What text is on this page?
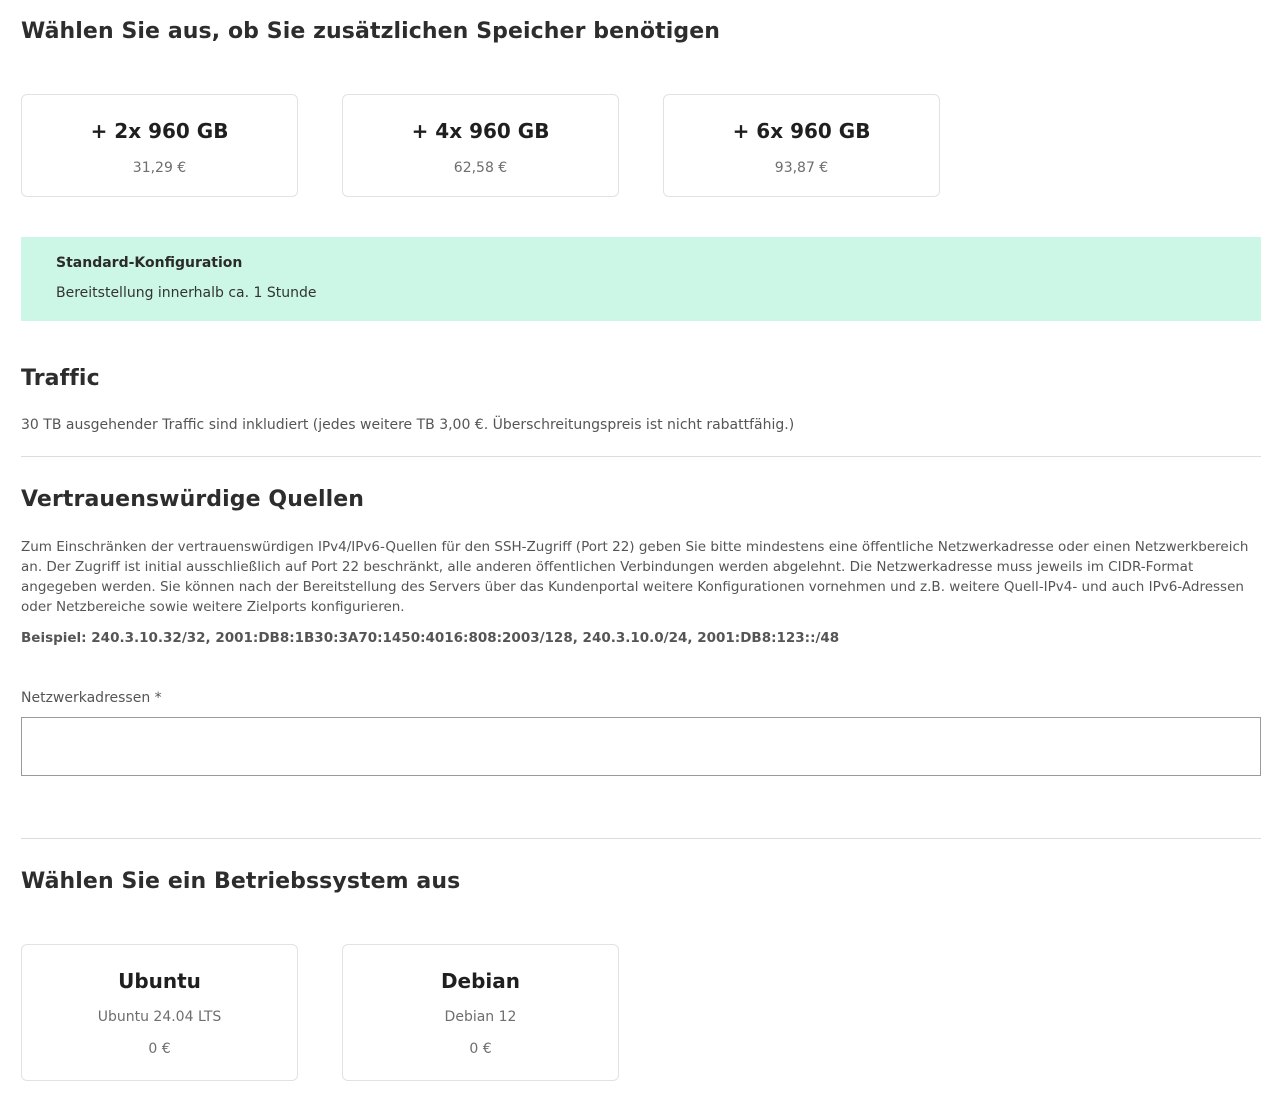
Wählen Sie aus, ob Sie zusätzlichen Speicher benötigen
+ 2x 960 GB
31,29 €
+ 4x 960 GB
62,58 €
+ 6x 960 GB
93,87 €
Standard-Konfiguration
Bereitstellung innerhalb ca. 1 Stunde
Traffic

30 TB ausgehender Traffic sind inkludiert (jedes weitere TB 3,00 €. Überschreitungspreis ist nicht rabattfähig.)

Vertrauenswürdige Quellen

Zum Einschränken der vertrauenswürdigen IPv4/IPv6-Quellen für den SSH-Zugriff (Port 22) geben Sie bitte mindestens eine öffentliche Netzwerkadresse oder einen Netzwerkbereich an. Der Zugriff ist initial ausschließlich auf Port 22 beschränkt, alle anderen öffentlichen Verbindungen werden abgelehnt. Die Netzwerkadresse muss jeweils im CIDR-Format angegeben werden. Sie können nach der Bereitstellung des Servers über das Kundenportal weitere Konfigurationen vornehmen und z.B. weitere Quell-IPv4- und auch IPv6-Adressen oder Netzbereiche sowie weitere Zielports konfigurieren.

Beispiel: 240.3.10.32/32, 2001:DB8:1B30:3A70:1450:4016:808:2003/128, 240.3.10.0/24, 2001:DB8:123::/48

Netzwerkadressen *
Wählen Sie ein Betriebssystem aus
Ubuntu
Ubuntu 24.04 LTS
0 €
Debian
Debian 12
0 €
